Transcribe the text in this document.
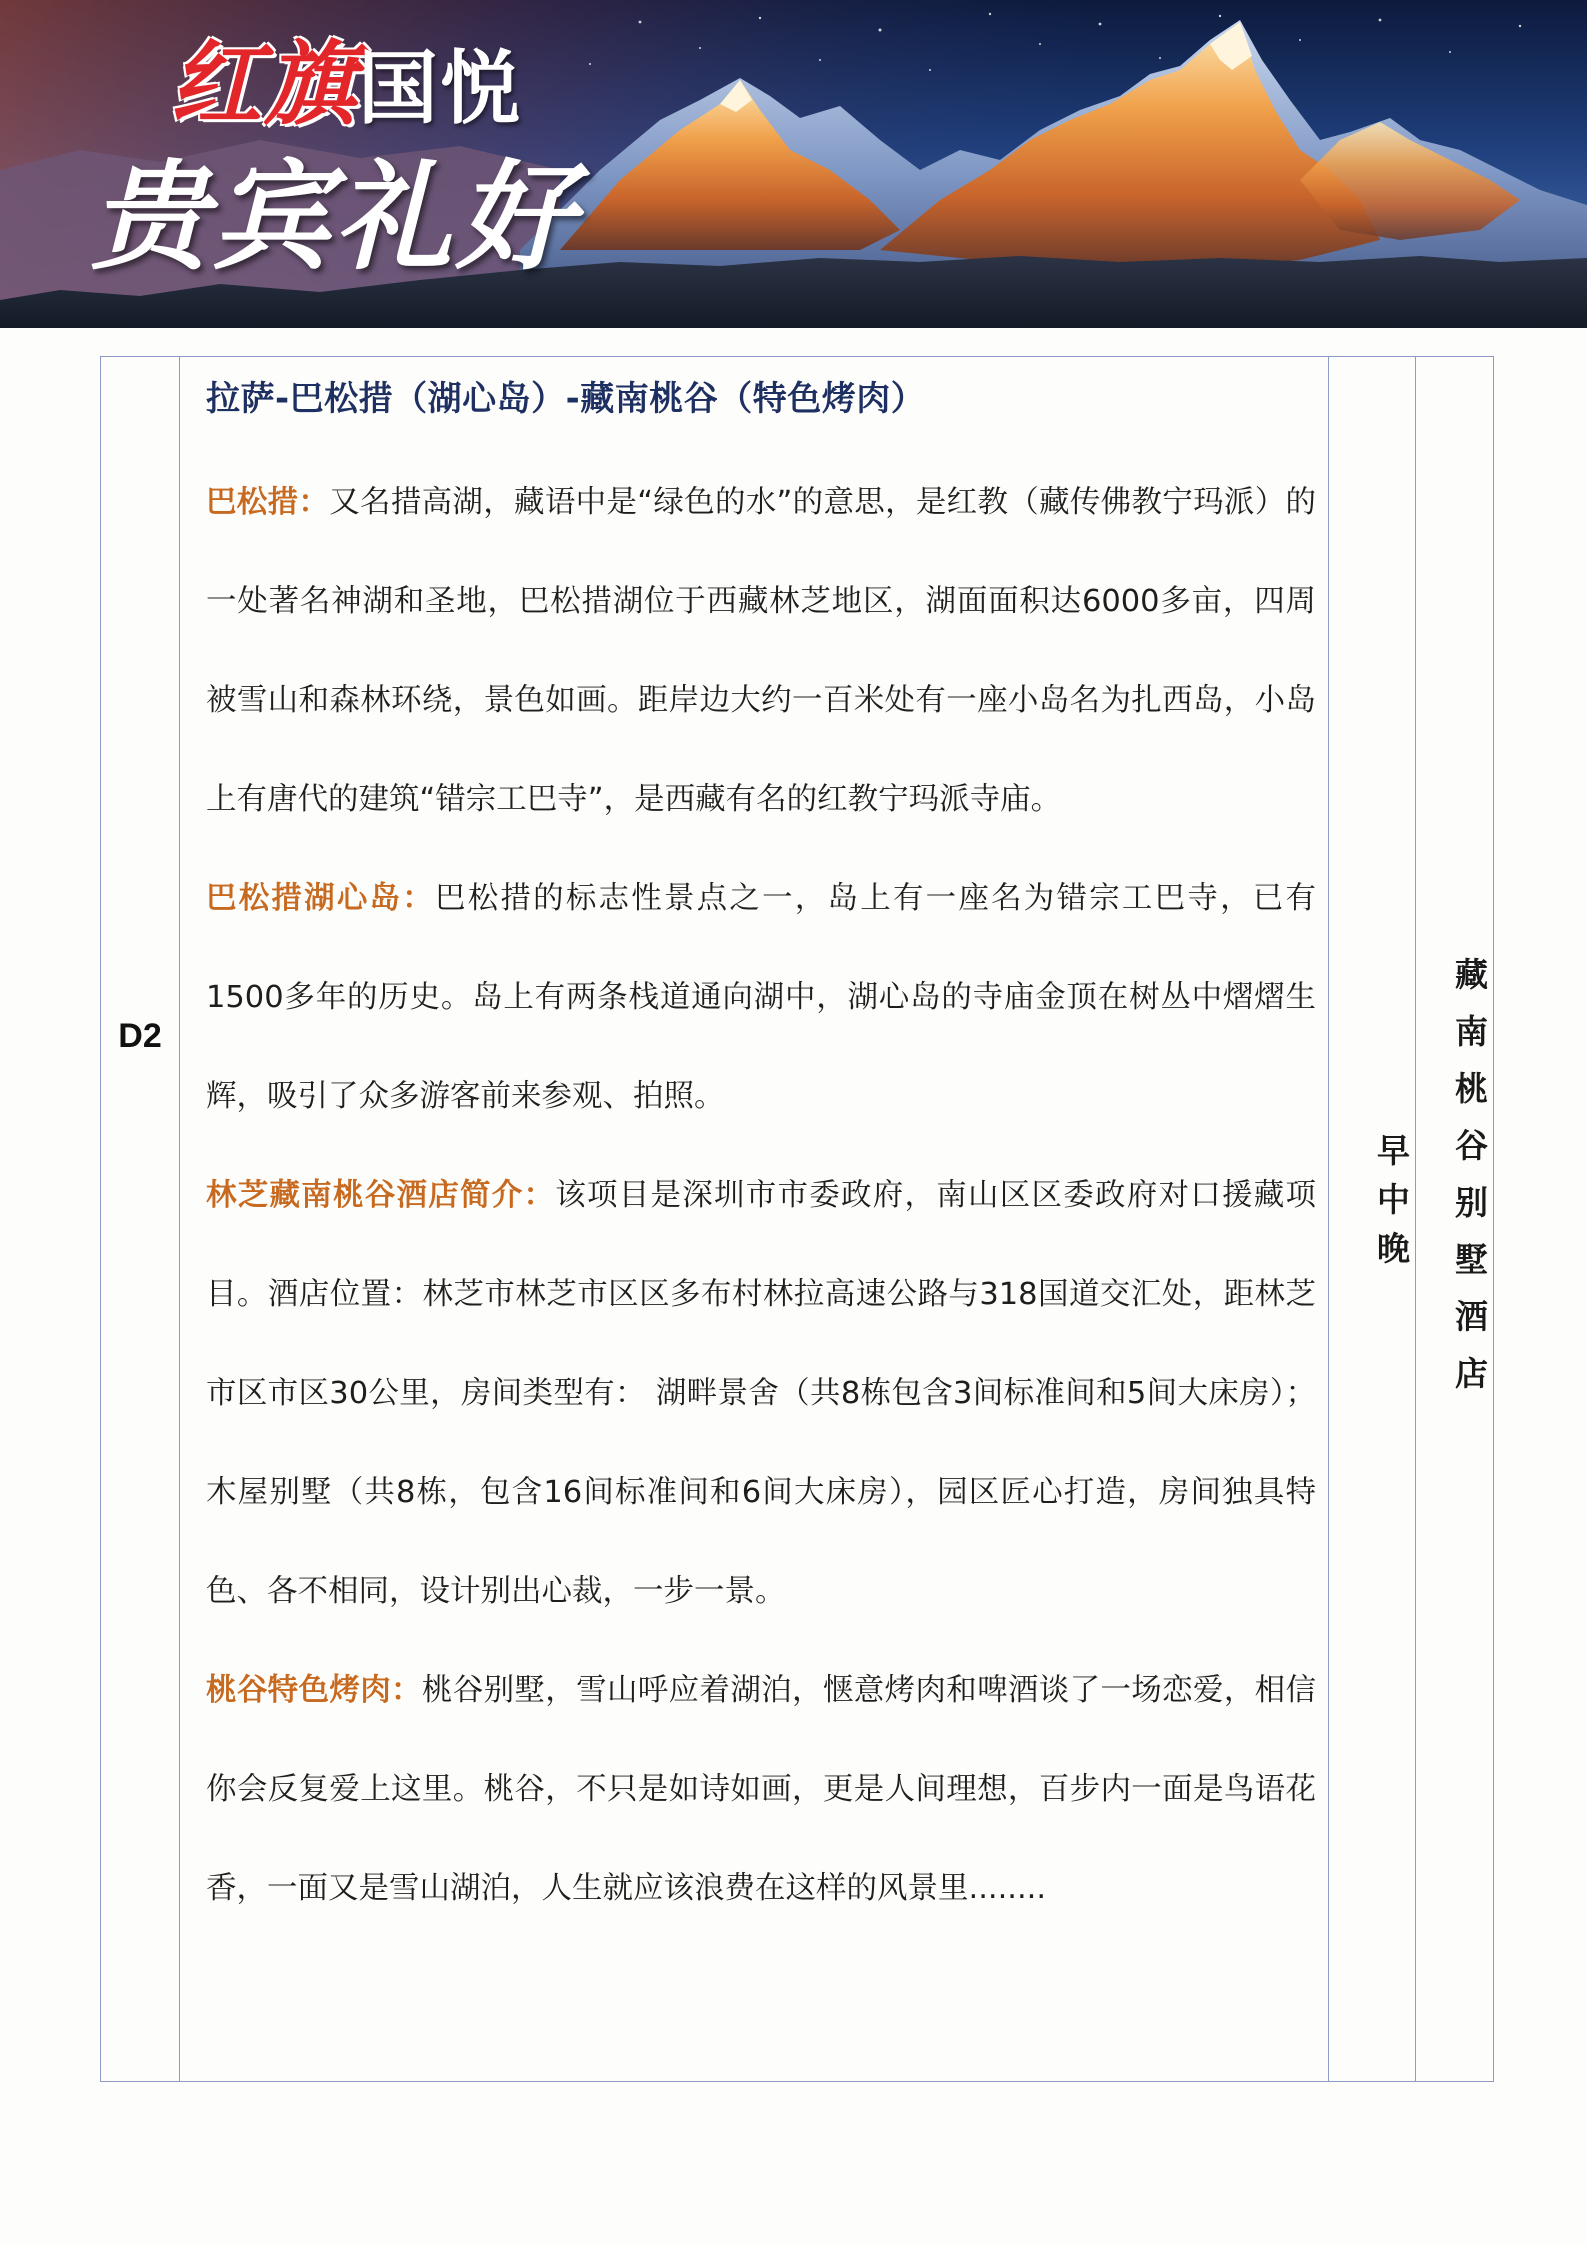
红旗国悦
贵宾礼好
D2
拉萨-巴松措（湖心岛）-藏南桃谷（特色烤肉）

巴松措：又名措高湖，藏语中是“绿色的水”的意思，是红教（藏传佛教宁玛派）的一处著名神湖和圣地，巴松措湖位于西藏林芝地区，湖面面积达6000多亩，四周被雪山和森林环绕，景色如画。距岸边大约一百米处有一座小岛名为扎西岛，小岛上有唐代的建筑“错宗工巴寺”，是西藏有名的红教宁玛派寺庙。

巴松措湖心岛：巴松措的标志性景点之一，岛上有一座名为错宗工巴寺，已有1500多年的历史。岛上有两条栈道通向湖中，湖心岛的寺庙金顶在树丛中熠熠生辉，吸引了众多游客前来参观、拍照。

林芝藏南桃谷酒店简介：该项目是深圳市市委政府，南山区区委政府对口援藏项目。酒店位置：林芝市林芝市区区多布村林拉高速公路与318国道交汇处，距林芝市区市区30公里，房间类型有： 湖畔景舍（共8栋包含3间标准间和5间大床房）；木屋别墅（共8栋，包含16间标准间和6间大床房），园区匠心打造，房间独具特色、各不相同，设计别出心裁，一步一景。

桃谷特色烤肉：桃谷别墅，雪山呼应着湖泊，惬意烤肉和啤酒谈了一场恋爱，相信你会反复爱上这里。桃谷，不只是如诗如画，更是人间理想，百步内一面是鸟语花香，一面又是雪山湖泊，人生就应该浪费在这样的风景里........

早中晚	藏南桃谷别墅酒店
